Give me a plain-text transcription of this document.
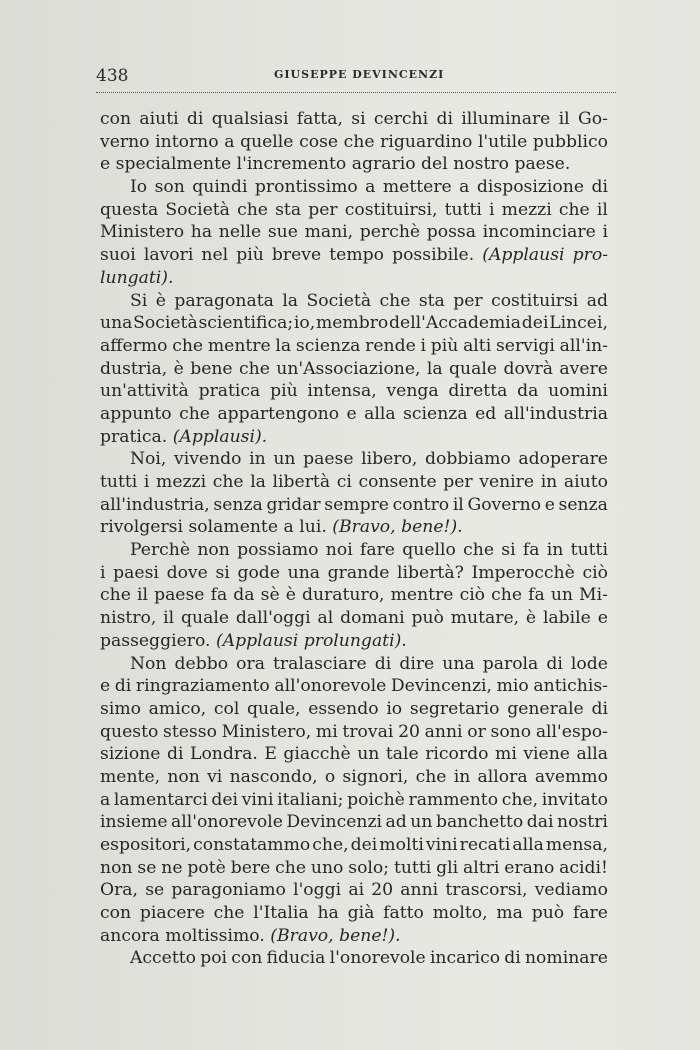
438	GIUSEPPE DEVINCENZI
con aiuti di qualsiasi fatta, si cerchi di illuminare il Go-
verno intorno a quelle cose che riguardino l'utile pubblico
e specialmente l'incremento agrario del nostro paese.
Io son quindi prontissimo a mettere a disposizione di
questa Società che sta per costituirsi, tutti i mezzi che il
Ministero ha nelle sue mani, perchè possa incominciare i
suoi lavori nel più breve tempo possibile. (Applausi pro-
lungati).
Si è paragonata la Società che sta per costituirsi ad
una Società scientifica; io, membro dell'Accademia dei Lincei,
affermo che mentre la scienza rende i più alti servigi all'in-
dustria, è bene che un'Associazione, la quale dovrà avere
un'attività pratica più intensa, venga diretta da uomini
appunto che appartengono e alla scienza ed all'industria
pratica. (Applausi).
Noi, vivendo in un paese libero, dobbiamo adoperare
tutti i mezzi che la libertà ci consente per venire in aiuto
all'industria, senza gridar sempre contro il Governo e senza
rivolgersi solamente a lui. (Bravo, bene!).
Perchè non possiamo noi fare quello che si fa in tutti
i paesi dove si gode una grande libertà? Imperocchè ciò
che il paese fa da sè è duraturo, mentre ciò che fa un Mi-
nistro, il quale dall'oggi al domani può mutare, è labile e
passeggiero. (Applausi prolungati).
Non debbo ora tralasciare di dire una parola di lode
e di ringraziamento all'onorevole Devincenzi, mio antichis-
simo amico, col quale, essendo io segretario generale di
questo stesso Ministero, mi trovai 20 anni or sono all'espo-
sizione di Londra. E giacchè un tale ricordo mi viene alla
mente, non vi nascondo, o signori, che in allora avemmo
a lamentarci dei vini italiani; poichè rammento che, invitato
insieme all'onorevole Devincenzi ad un banchetto dai nostri
espositori, constatammo che, dei molti vini recati alla mensa,
non se ne potè bere che uno solo; tutti gli altri erano acidi!
Ora, se paragoniamo l'oggi ai 20 anni trascorsi, vediamo
con piacere che l'Italia ha già fatto molto, ma può fare
ancora moltissimo. (Bravo, bene!).
Accetto poi con fiducia l'onorevole incarico di nominare
